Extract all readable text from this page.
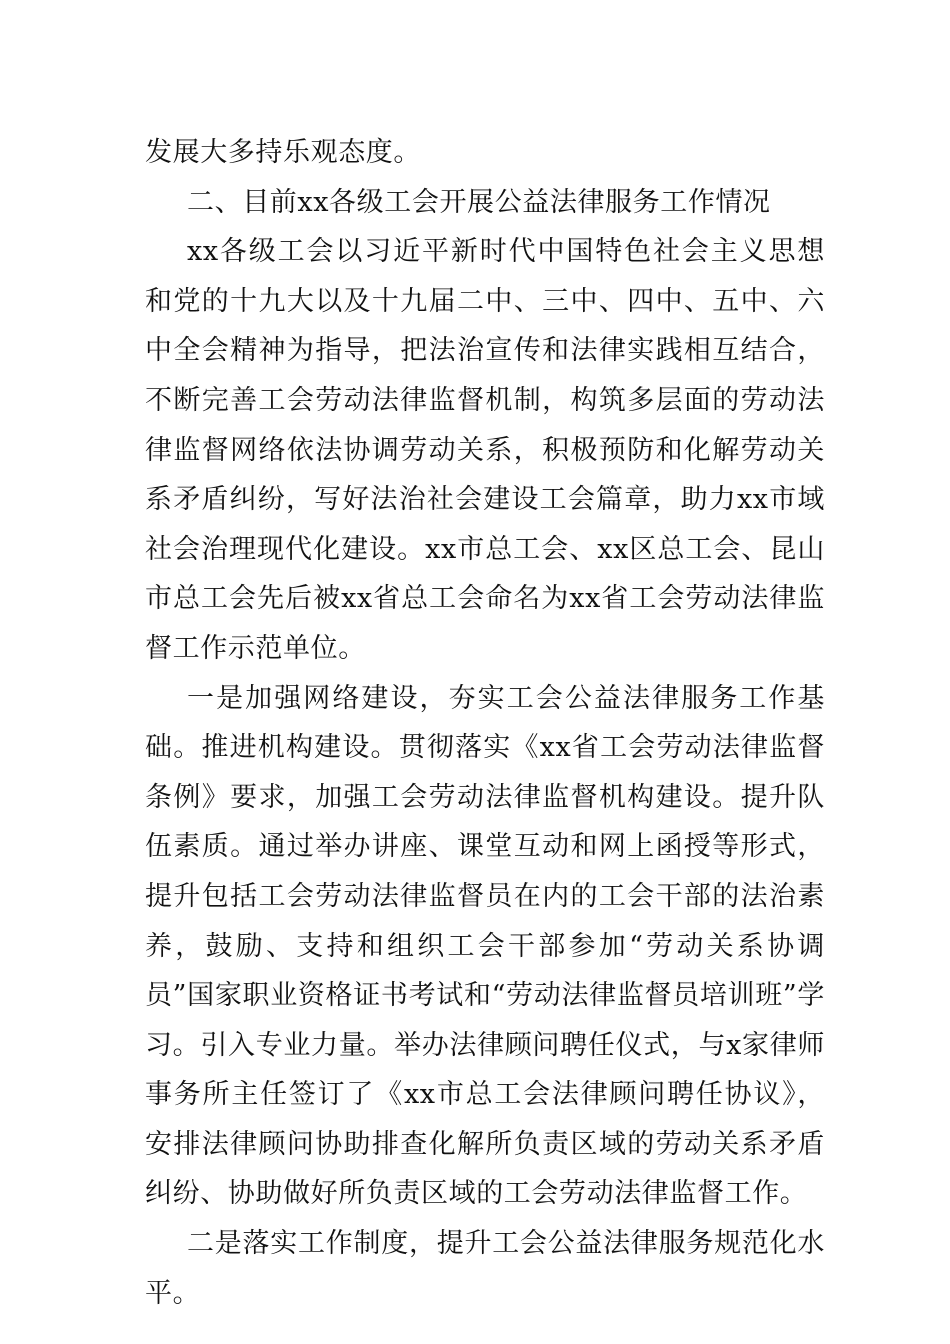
发展大多持乐观态度。

二、目前xx各级工会开展公益法律服务工作情况

xx各级工会以习近平新时代中国特色社会主义思想和党的十九大以及十九届二中、三中、四中、五中、六中全会精神为指导，把法治宣传和法律实践相互结合，不断完善工会劳动法律监督机制，构筑多层面的劳动法律监督网络依法协调劳动关系，积极预防和化解劳动关系矛盾纠纷，写好法治社会建设工会篇章，助力xx市域社会治理现代化建设。xx市总工会、xx区总工会、昆山市总工会先后被xx省总工会命名为xx省工会劳动法律监督工作示范单位。

一是加强网络建设，夯实工会公益法律服务工作基础。推进机构建设。贯彻落实《xx省工会劳动法律监督条例》要求，加强工会劳动法律监督机构建设。提升队伍素质。通过举办讲座、课堂互动和网上函授等形式，提升包括工会劳动法律监督员在内的工会干部的法治素养，鼓励、支持和组织工会干部参加“劳动关系协调员”国家职业资格证书考试和“劳动法律监督员培训班”学习。引入专业力量。举办法律顾问聘任仪式，与x家律师事务所主任签订了《xx市总工会法律顾问聘任协议》，安排法律顾问协助排查化解所负责区域的劳动关系矛盾纠纷、协助做好所负责区域的工会劳动法律监督工作。

二是落实工作制度，提升工会公益法律服务规范化水平。
